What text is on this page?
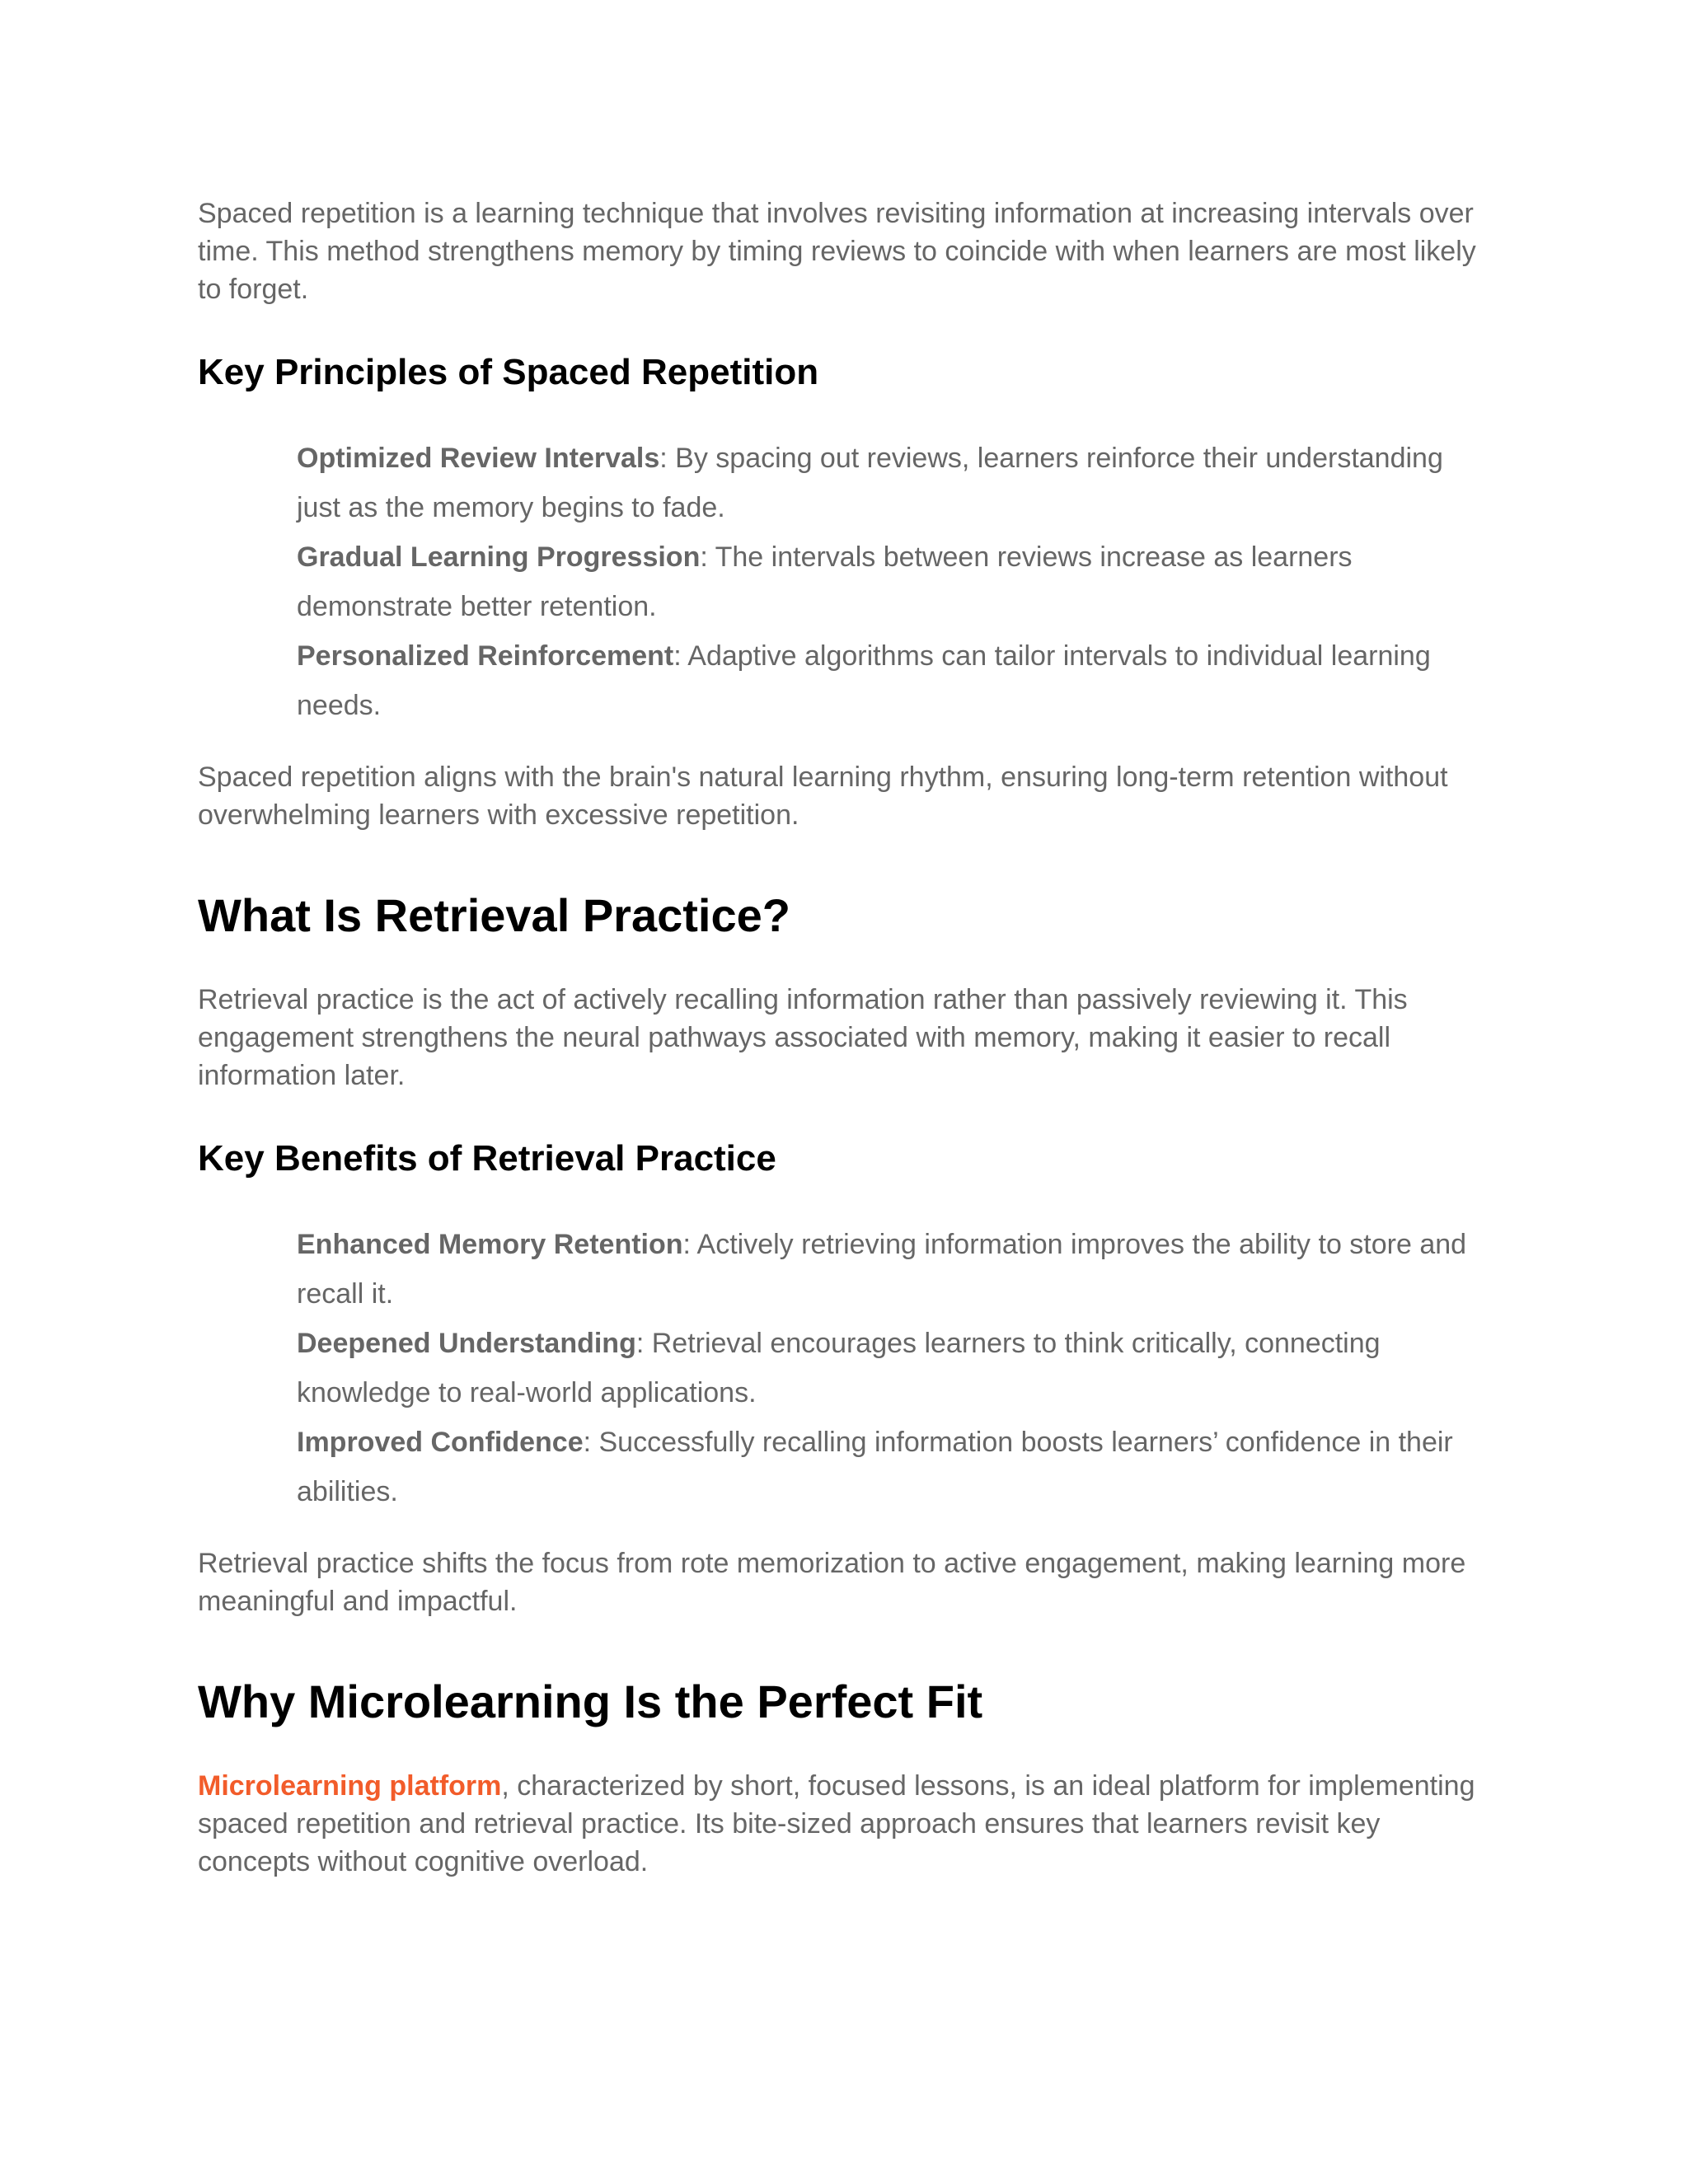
Spaced repetition is a learning technique that involves revisiting information at increasing intervals over time. This method strengthens memory by timing reviews to coincide with when learners are most likely to forget.

Key Principles of Spaced Repetition
Optimized Review Intervals: By spacing out reviews, learners reinforce their understanding just as the memory begins to fade.
Gradual Learning Progression: The intervals between reviews increase as learners demonstrate better retention.
Personalized Reinforcement: Adaptive algorithms can tailor intervals to individual learning needs.

Spaced repetition aligns with the brain's natural learning rhythm, ensuring long-term retention without overwhelming learners with excessive repetition.

What Is Retrieval Practice?

Retrieval practice is the act of actively recalling information rather than passively reviewing it. This engagement strengthens the neural pathways associated with memory, making it easier to recall information later.

Key Benefits of Retrieval Practice
Enhanced Memory Retention: Actively retrieving information improves the ability to store and recall it.
Deepened Understanding: Retrieval encourages learners to think critically, connecting knowledge to real-world applications.
Improved Confidence: Successfully recalling information boosts learners’ confidence in their abilities.

Retrieval practice shifts the focus from rote memorization to active engagement, making learning more meaningful and impactful.

Why Microlearning Is the Perfect Fit

Microlearning platform, characterized by short, focused lessons, is an ideal platform for implementing spaced repetition and retrieval practice. Its bite-sized approach ensures that learners revisit key concepts without cognitive overload.
